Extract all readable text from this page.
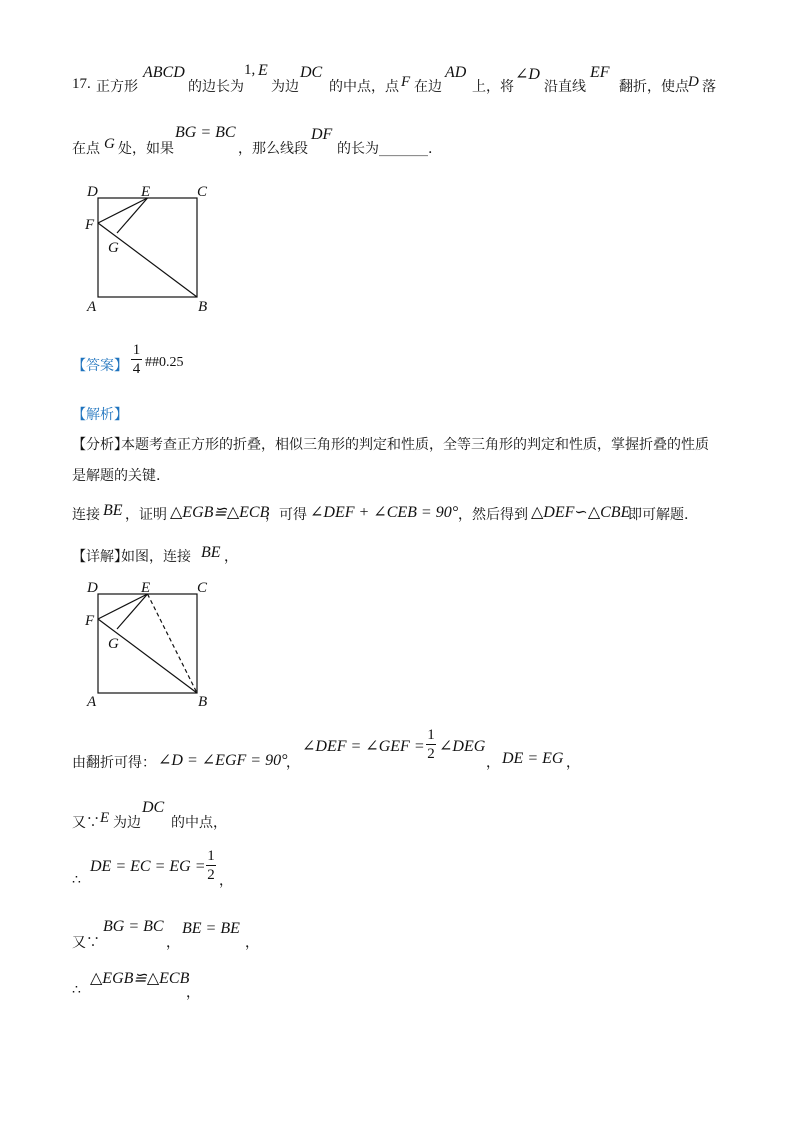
17. 正方形
ABCD
的边长为
1, E
为边
DC
的中点，点 F 在边
AD
上，将
∠D
沿直线
EF
翻折，使点 D 落
在点 G 处，如果
BG = BC
，那么线段
DF
的长为_______.
D	E	C
F
G
A	B
【答案】
1
4 ##0.25
【解析】
【分析】
本题考查正方形的折叠，相似三角形的判定和性质，全等三角形的判定和性质，掌握折叠的性质
是解题的关键.
连接 BE ，证明 △EGB≌△ECB
，可得 ∠DEF + ∠CEB = 90° ，然后得到 △DEF∽△CBE
即可解题.
【详解】
如图，连接 BE ，
D	E	C
F
G
A	B
由翻折可得： ∠D = ∠EGF = 90°
，
∠DEF = ∠GEF =
1
2 ∠DEG
， DE = EG ，
又∵ E 为边
DC
的中点，
∴
DE = EC = EG =
1
2 ，
又∵
BG = BC
，
BE = BE
，
∴
△EGB≌△ECB
，
